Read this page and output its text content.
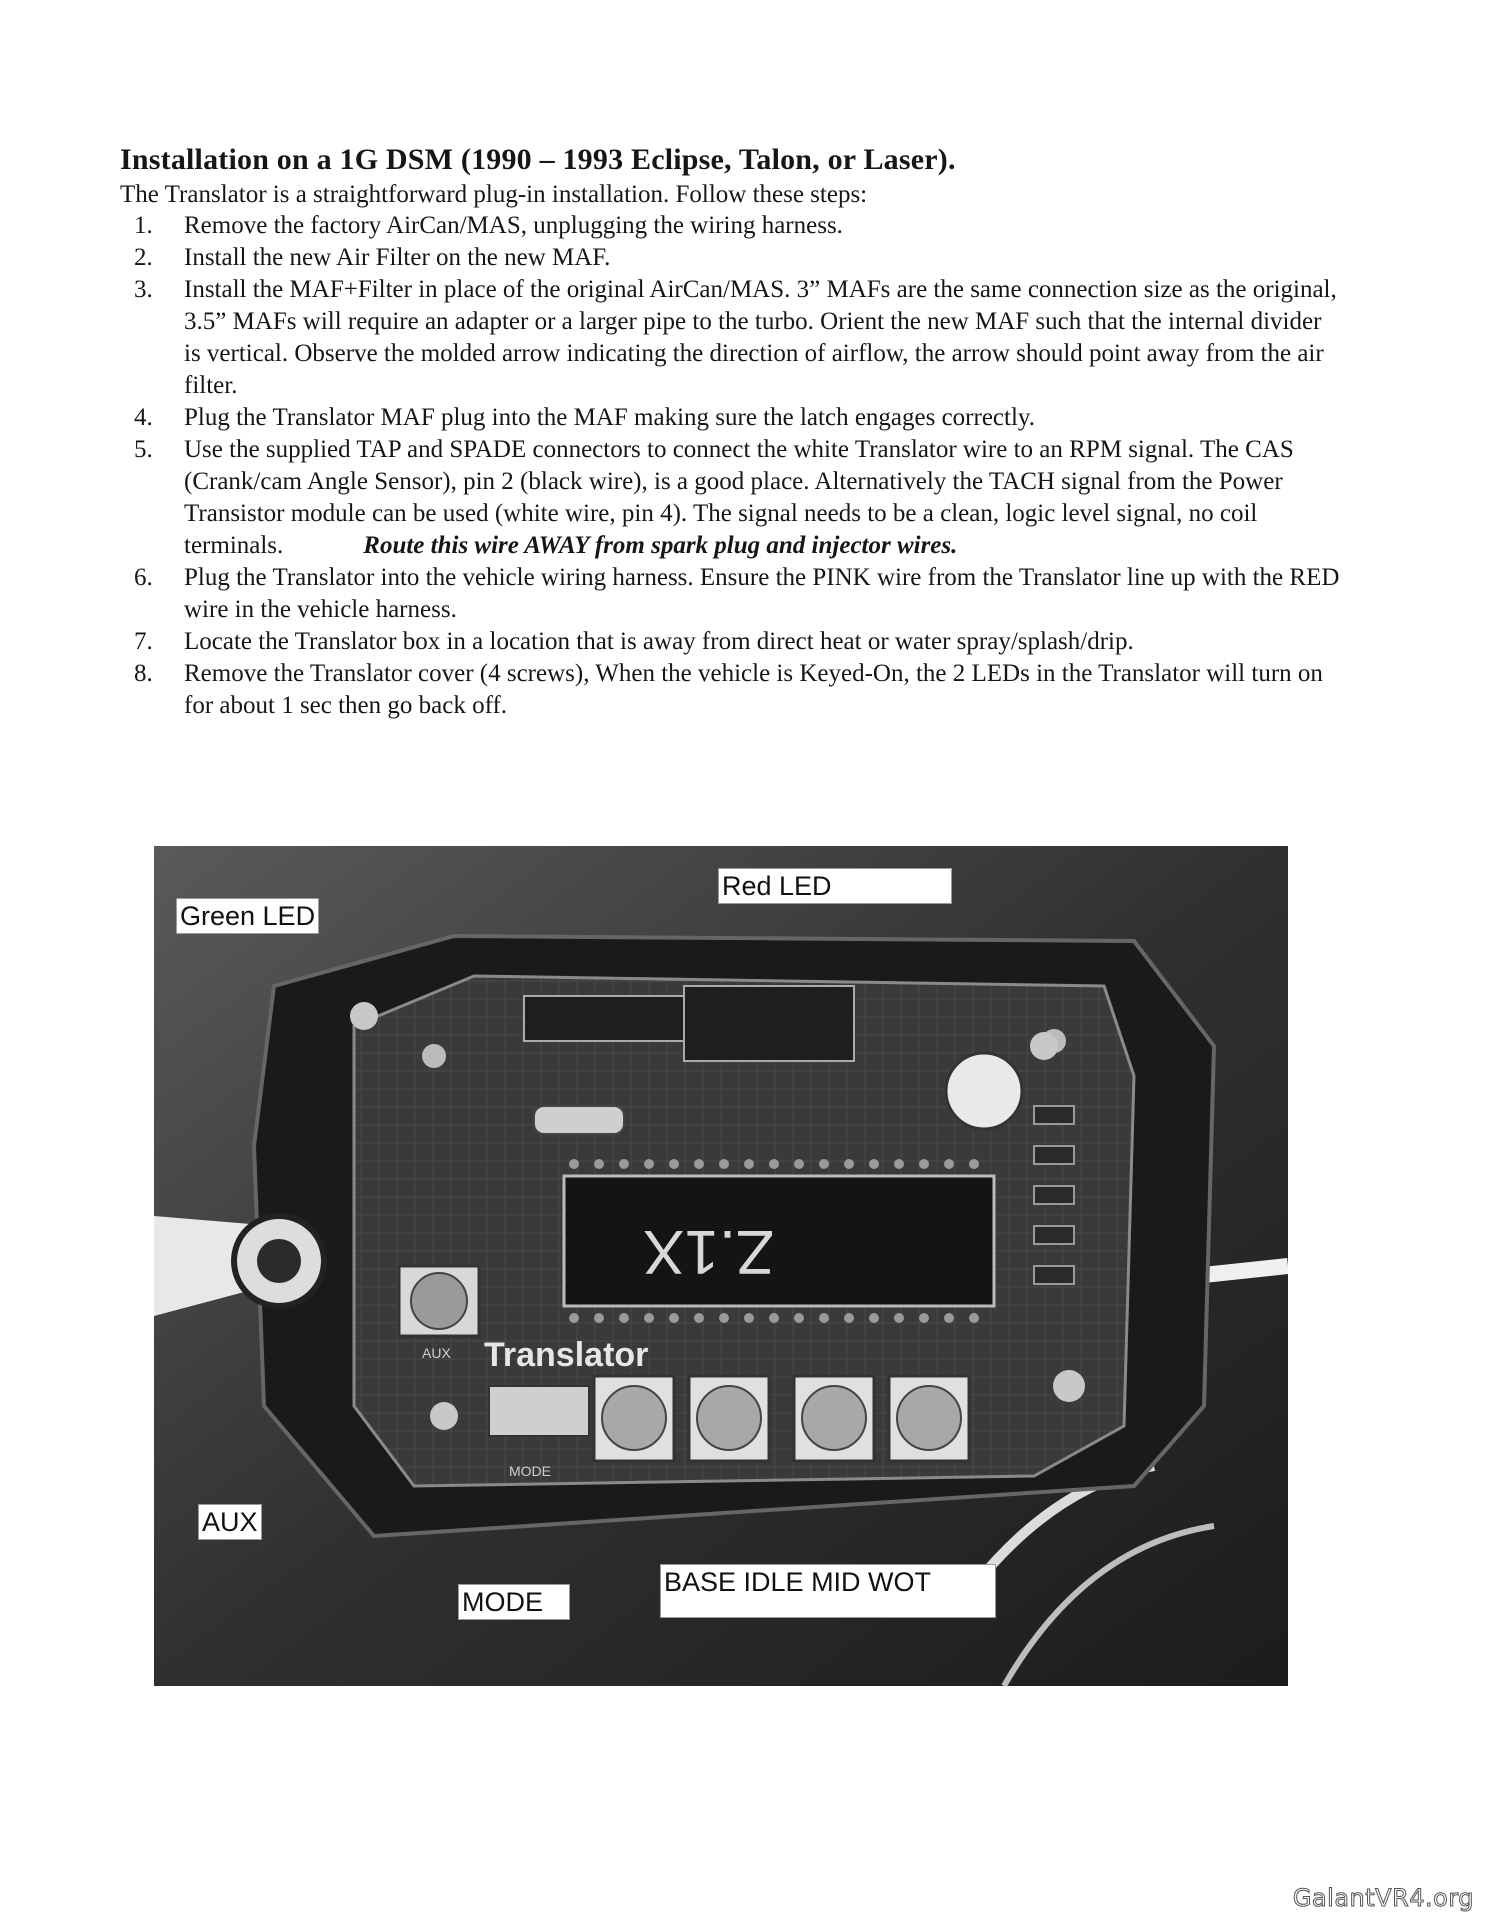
Installation on a 1G DSM (1990 – 1993 Eclipse, Talon, or Laser).
The Translator is a straightforward plug-in installation. Follow these steps:
1. Remove the factory AirCan/MAS, unplugging the wiring harness.
2. Install the new Air Filter on the new MAF.
3. Install the MAF+Filter in place of the original AirCan/MAS. 3” MAFs are the same connection size as the original, 3.5” MAFs will require an adapter or a larger pipe to the turbo. Orient the new MAF such that the internal divider is vertical. Observe the molded arrow indicating the direction of airflow, the arrow should point away from the air filter.
4. Plug the Translator MAF plug into the MAF making sure the latch engages correctly.
5. Use the supplied TAP and SPADE connectors to connect the white Translator wire to an RPM signal. The CAS (Crank/cam Angle Sensor), pin 2 (black wire), is a good place. Alternatively the TACH signal from the Power Transistor module can be used (white wire, pin 4). The signal needs to be a clean, logic level signal, no coil terminals.	Route this wire AWAY from spark plug and injector wires.
6. Plug the Translator into the vehicle wiring harness. Ensure the PINK wire from the Translator line up with the RED wire in the vehicle harness.
7. Locate the Translator box in a location that is away from direct heat or water spray/splash/drip.
8. Remove the Translator cover (4 screws), When the vehicle is Keyed-On, the 2 LEDs in the Translator will turn on for about 1 sec then go back off.
Z.1X
AUX Translator
MODE
Red LED
Green LED
AUX
MODE
BASE IDLE MID WOT
GalantVR4.org
